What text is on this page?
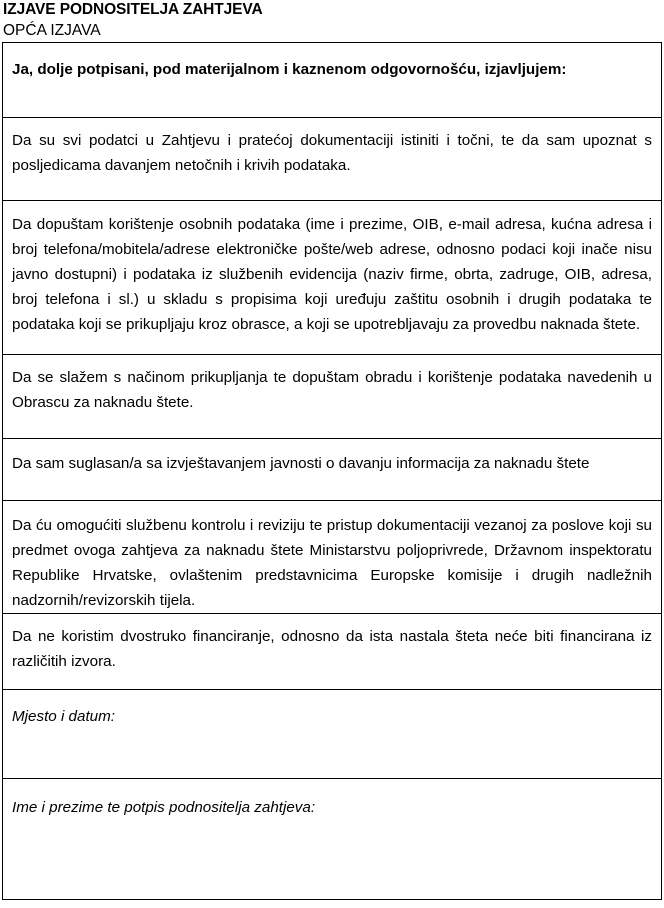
IZJAVE PODNOSITELJA ZAHTJEVA
OPĆA IZJAVA
Ja, dolje potpisani, pod materijalnom i kaznenom odgovornošću, izjavljujem:
Da su svi podatci u Zahtjevu i pratećoj dokumentaciji istiniti i točni, te da sam upoznat s posljedicama davanjem netočnih i krivih podataka.
Da dopuštam korištenje osobnih podataka (ime i prezime, OIB, e-mail adresa, kućna adresa i broj telefona/mobitela/adrese elektroničke pošte/web adrese, odnosno podaci koji inače nisu javno dostupni) i podataka iz službenih evidencija (naziv firme, obrta, zadruge, OIB, adresa, broj telefona i sl.) u skladu s propisima koji uređuju zaštitu osobnih i drugih podataka te podataka koji se prikupljaju kroz obrasce, a koji se upotrebljavaju za provedbu naknada štete.
Da se slažem s načinom prikupljanja te dopuštam obradu i korištenje podataka navedenih u Obrascu za naknadu štete.
Da sam suglasan/a sa izvještavanjem javnosti o davanju informacija za naknadu štete
Da ću omogućiti službenu kontrolu i reviziju te pristup dokumentaciji vezanoj za poslove koji su predmet ovoga zahtjeva za naknadu štete Ministarstvu poljoprivrede, Državnom inspektoratu Republike Hrvatske, ovlaštenim predstavnicima Europske komisije i drugih nadležnih nadzornih/revizorskih tijela.
Da ne koristim dvostruko financiranje, odnosno da ista nastala šteta neće biti financirana iz različitih izvora.
Mjesto i datum:
Ime i prezime te potpis podnositelja zahtjeva:
